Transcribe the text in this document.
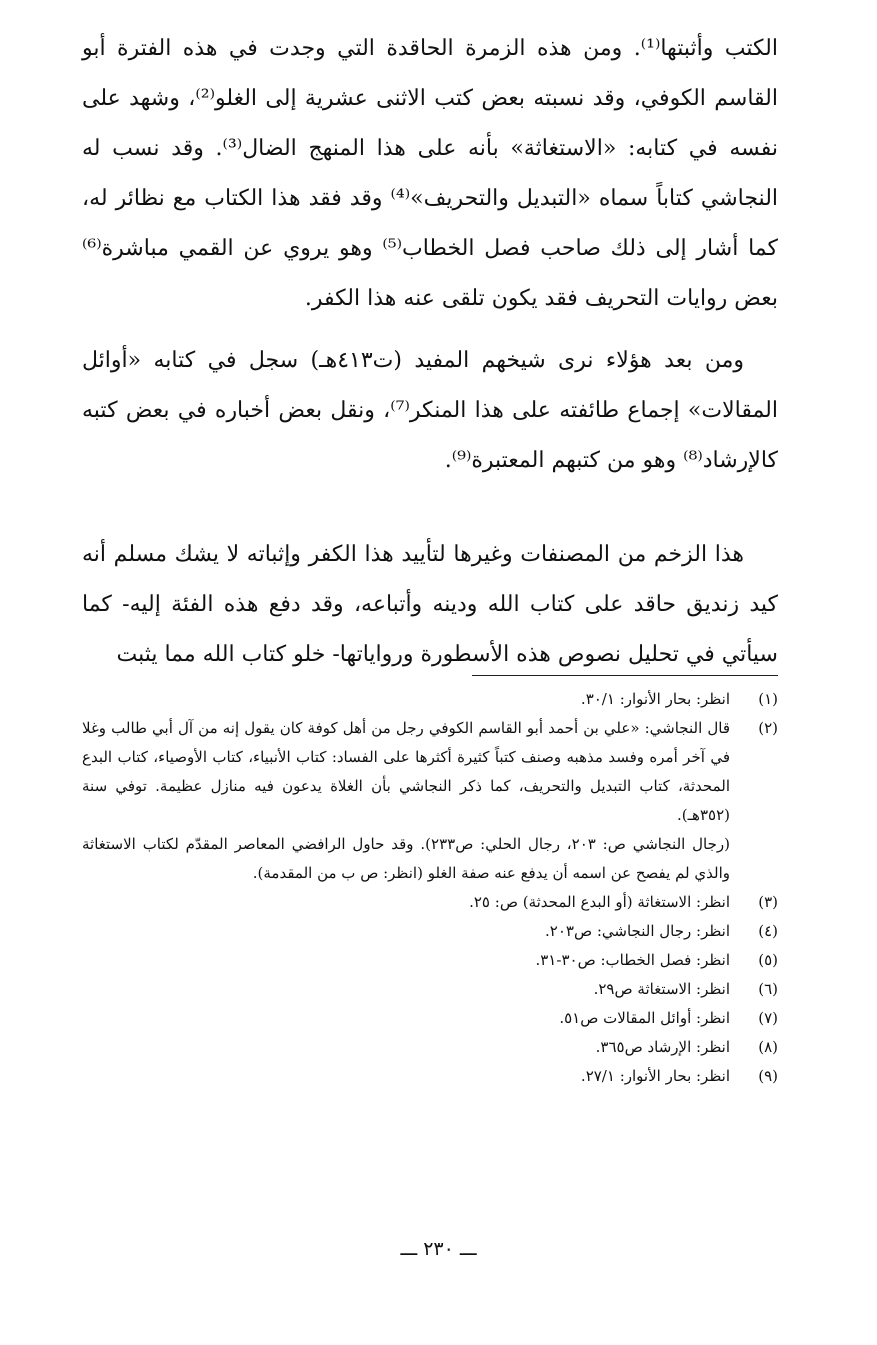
الكتب وأثبتها⁽¹⁾. ومن هذه الزمرة الحاقدة التي وجدت في هذه الفترة أبو القاسم الكوفي، وقد نسبته بعض كتب الاثنى عشرية إلى الغلو⁽²⁾، وشهد على نفسه في كتابه: «الاستغاثة» بأنه على هذا المنهج الضال⁽³⁾. وقد نسب له النجاشي كتاباً سماه «التبديل والتحريف»⁽⁴⁾ وقد فقد هذا الكتاب مع نظائر له، كما أشار إلى ذلك صاحب فصل الخطاب⁽⁵⁾ وهو يروي عن القمي مباشرة⁽⁶⁾ بعض روايات التحريف فقد يكون تلقى عنه هذا الكفر.

ومن بعد هؤلاء نرى شيخهم المفيد (ت٤١٣هـ) سجل في كتابه «أوائل المقالات» إجماع طائفته على هذا المنكر⁽⁷⁾، ونقل بعض أخباره في بعض كتبه كالإرشاد⁽⁸⁾ وهو من كتبهم المعتبرة⁽⁹⁾.

هذا الزخم من المصنفات وغيرها لتأييد هذا الكفر وإثباته لا يشك مسلم أنه كيد زنديق حاقد على كتاب الله ودينه وأتباعه، وقد دفع هذه الفئة إليه- كما سيأتي في تحليل نصوص هذه الأسطورة ورواياتها- خلو كتاب الله مما يثبت

(١)
انظر: بحار الأنوار: ٣٠/١.
(٢)
قال النجاشي: «علي بن أحمد أبو القاسم الكوفي رجل من أهل كوفة كان يقول إنه من آل أبي طالب وغلا في آخر أمره وفسد مذهبه وصنف كتباً كثيرة أكثرها على الفساد: كتاب الأنبياء، كتاب الأوصياء، كتاب البدع المحدثة، كتاب التبديل والتحريف، كما ذكر النجاشي بأن الغلاة يدعون فيه منازل عظيمة. توفي سنة (٣٥٢هـ).
(رجال النجاشي ص: ٢٠٣، رجال الحلي: ص٢٣٣). وقد حاول الرافضي المعاصر المقدّم لكتاب الاستغاثة والذي لم يفصح عن اسمه أن يدفع عنه صفة الغلو (انظر: ص ب من المقدمة).
(٣)
انظر: الاستغاثة (أو البدع المحدثة) ص: ٢٥.
(٤)
انظر: رجال النجاشي: ص٢٠٣.
(٥)
انظر: فصل الخطاب: ص٣٠-٣١.
(٦)
انظر: الاستغاثة ص٢٩.
(٧)
انظر: أوائل المقالات ص٥١.
(٨)
انظر: الإرشاد ص٣٦٥.
(٩)
انظر: بحار الأنوار: ٢٧/١.
ـــ ٢٣٠ ـــ
